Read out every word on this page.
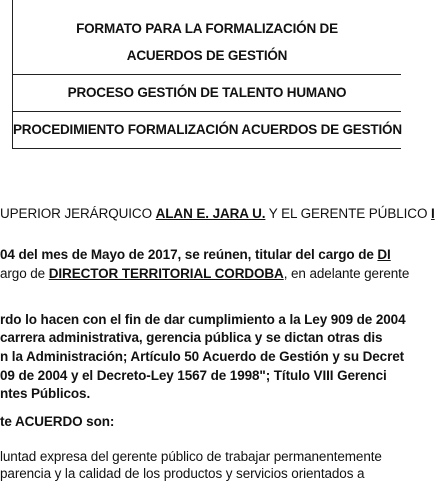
FORMATO PARA LA FORMALIZACIÓN DE
ACUERDOS DE GESTIÓN
PROCESO GESTIÓN DE TALENTO HUMANO
PROCEDIMIENTO FORMALIZACIÓN ACUERDOS DE GESTIÓN
UPERIOR JERÁRQUICO ALAN E. JARA U. Y EL GERENTE PÚBLICO I
04 del mes de Mayo de 2017, se reúnen, titular del cargo de DI
argo de DIRECTOR TERRITORIAL CORDOBA, en adelante gerente
rdo lo hacen con el fin de dar cumplimiento a la Ley 909 de 2004
carrera administrativa, gerencia pública y se dictan otras dis
n la Administración; Artículo 50 Acuerdo de Gestión y su Decret
09 de 2004 y el Decreto-Ley 1567 de 1998"; Título VIII Gerenci
ntes Públicos.
te ACUERDO son:
luntad expresa del gerente público de trabajar permanentemente
parencia y la calidad de los productos y servicios orientados a
